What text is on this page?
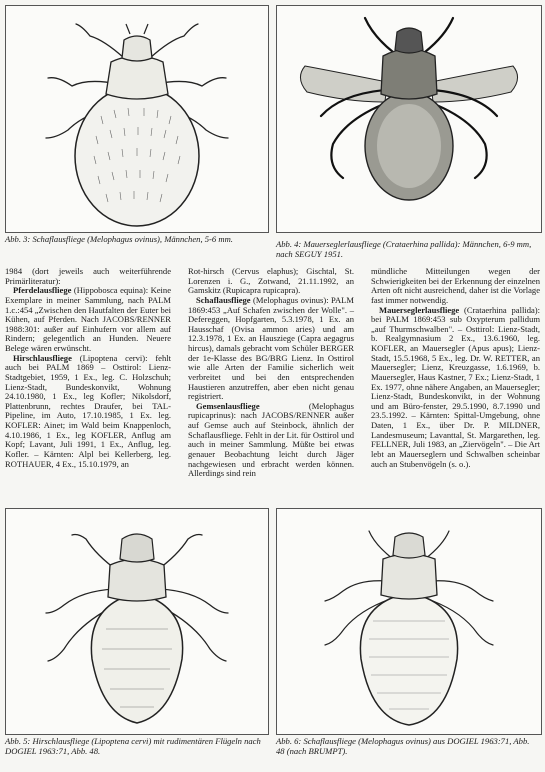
Abb. 3: Schaflausfliege (Melophagus ovinus), Männchen, 5-6 mm.	Abb. 4: Mauerseglerlausfliege (Crataerhina pallida): Männchen, 6-9 mm, nach SEGUY 1951.

1984 (dort jeweils auch weiterführende Primärliteratur):

Pferdelausfliege (Hippobosca equina): Keine Exemplare in meiner Sammlung, nach PALM 1.c.:454 „Zwischen den Hautfalten der Euter bei Kühen, auf Pferden. Nach JACOBS/RENNER 1988:301: außer auf Einhufern vor allem auf Rindern; gelegentlich an Hunden. Neuere Belege wären erwünscht.

Hirschlausfliege (Lipoptena cervi): fehlt auch bei PALM 1869 – Osttirol: Lienz-Stadtgebiet, 1959, 1 Ex., leg. C. Holzschuh; Lienz-Stadt, Bundeskonvikt, Wohnung 24.10.1980, 1 Ex., leg Kofler; Nikolsdorf, Plattenbrunn, rechtes Draufer, bei TAL-Pipeline, im Auto, 17.10.1985, 1 Ex. leg. KOFLER: Ainet; im Wald beim Knappenloch, 4.10.1986, 1 Ex., leg KOFLER, Anflug am Kopf; Lavant, Juli 1991, 1 Ex., Anflug, leg. Kofler. – Kärnten: Alpl bei Kellerberg, leg. ROTHAUER, 4 Ex., 15.10.1979, an

Rot-hirsch (Cervus elaphus); Gischtal, St. Lorenzen i. G., Zotwand, 21.11.1992, an Gamskitz (Rupicapra rupicapra).

Schaflausfliege (Melophagus ovinus): PALM 1869:453 „Auf Schafen zwischen der Wolle". – Defereggen, Hopfgarten, 5.3.1978, 1 Ex. an Hausschaf (Ovisa ammon aries) und am 12.3.1978, 1 Ex. an Hausziege (Capra aegagrus hircus), damals gebracht vom Schüler BERGER der 1e-Klasse des BG/BRG Lienz. In Osttirol wie alle Arten der Familie sicherlich weit verbreitet und bei den entsprechenden Haustieren anzutreffen, aber eben nicht genau registriert.

Gemsenlausfliege (Melophagus rupicaprinus): nach JACOBS/RENNER außer auf Gemse auch auf Steinbock, ähnlich der Schaflausfliege. Fehlt in der Lit. für Osttirol und auch in meiner Sammlung. Müßte bei etwas genauer Beobachtung leicht durch Jäger nachgewiesen und erbracht werden können. Allerdings sind rein

mündliche Mitteilungen wegen der Schwierigkeiten bei der Erkennung der einzelnen Arten oft nicht ausreichend, daher ist die Vorlage fast immer notwendig.

Mauerseglerlausfliege (Crataerhina pallida): bei PALM 1869:453 sub Oxypterum pallidum „auf Thurmschwalben". – Osttirol: Lienz-Stadt, b. Realgymnasium 2 Ex., 13.6.1960, leg. KOFLER, an Mauersegler (Apus apus); Lienz-Stadt, 15.5.1968, 5 Ex., leg. Dr. W. RETTER, an Mauersegler; Lienz, Kreuzgasse, 1.6.1969, b. Mauersegler, Haus Kastner, 7 Ex.; Lienz-Stadt, 1 Ex. 1977, ohne nähere Angaben, an Mauersegler; Lienz-Stadt, Bundeskonvikt, in der Wohnung und am Büro-fenster, 29.5.1990, 8.7.1990 und 23.5.1992. – Kärnten: Spittal-Umgebung, ohne Daten, 1 Ex., über Dr. P. MILDNER, Landesmuseum; Lavanttal, St. Margarethen, leg. FELLNER, Juli 1983, an „Ziervögeln". – Die Art lebt an Mauerseglern und Schwalben scheinbar auch an Stubenvögeln (s. o.).

Abb. 5: Hirschlausfliege (Lipoptena cervi) mit rudimentären Flügeln nach DOGIEL 1963:71, Abb. 48.

Abb. 6: Schaflausfliege (Melophagus ovinus) aus DOGIEL 1963:71, Abb. 48 (nach BRUMPT).
